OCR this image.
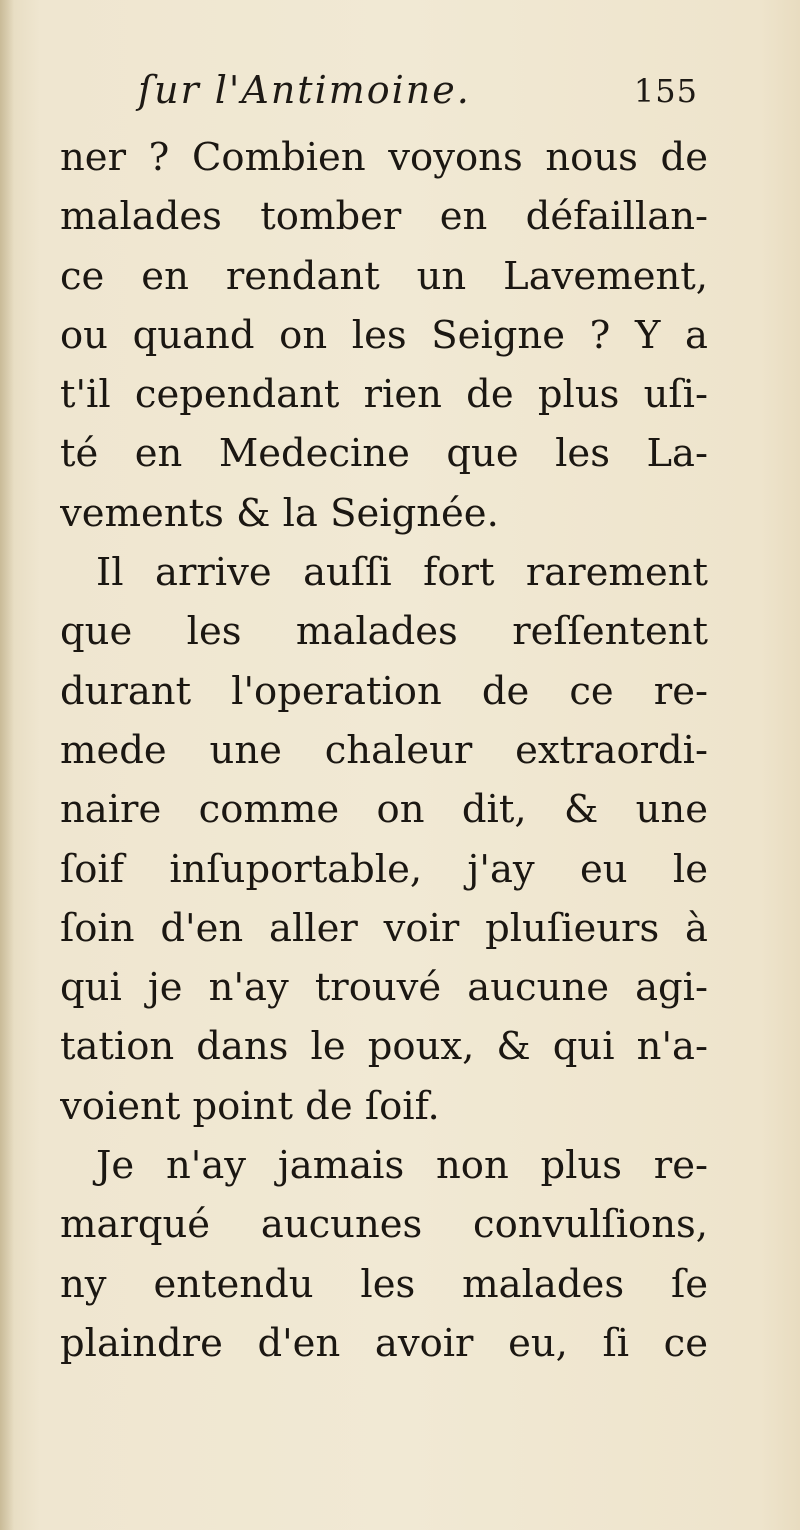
ſur l'Antimoine.	155
ner ? Combien voyons nous de
malades tomber en défaillan-
ce en rendant un Lavement,
ou quand on les Seigne ? Y a
t'il cependant rien de plus uſi-
té en Medecine que les La-
vements & la Seignée.
Il arrive auſſi fort rarement
que les malades reſſentent
durant l'operation de ce re-
mede une chaleur extraordi-
naire comme on dit, & une
ſoif inſuportable, j'ay eu le
ſoin d'en aller voir pluſieurs à
qui je n'ay trouvé aucune agi-
tation dans le poux, & qui n'a-
voient point de ſoif.
Je n'ay jamais non plus re-
marqué aucunes convulſions,
ny entendu les malades ſe
plaindre d'en avoir eu, ſi ce
